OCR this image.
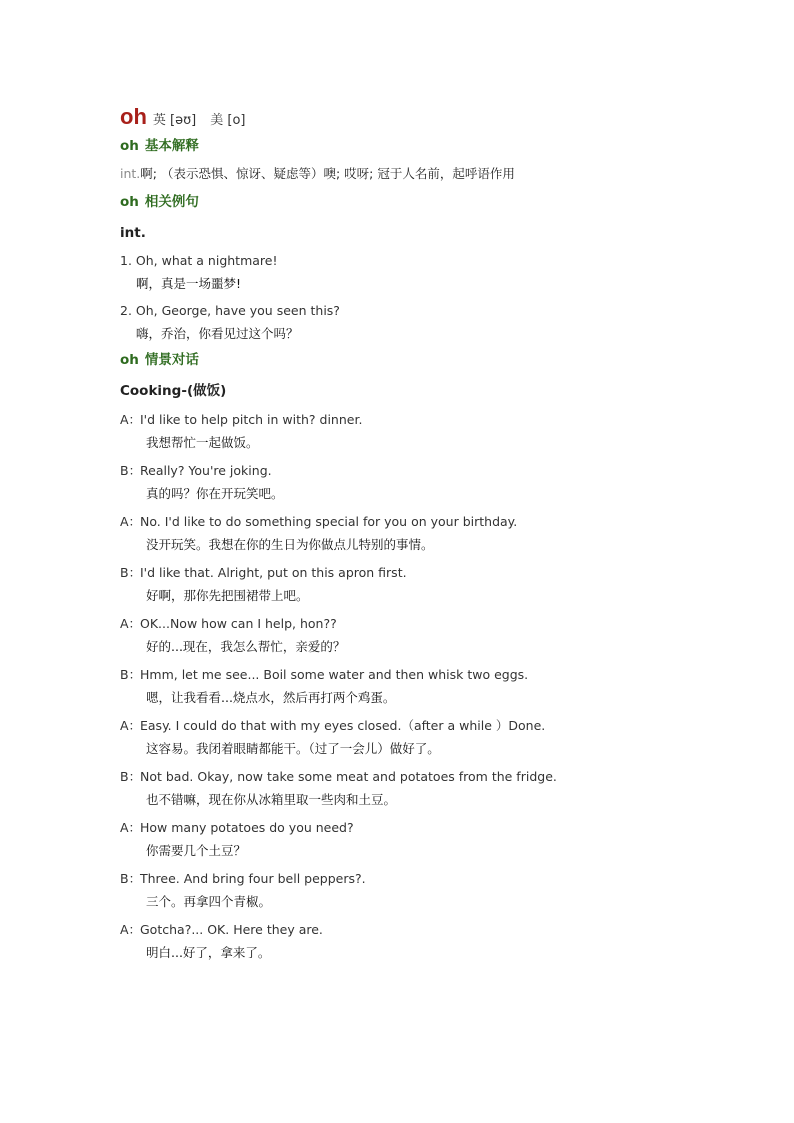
oh 英 [əʊ] 美 [o]
oh 基本解释
int.啊; （表示恐惧、惊讶、疑虑等）噢; 哎呀; 冠于人名前，起呼语作用
oh 相关例句
int.
1. Oh, what a nightmare!
啊，真是一场噩梦!
2. Oh, George, have you seen this?
嗨，乔治，你看见过这个吗？
oh 情景对话
Cooking-(做饭)
A：I'd like to help pitch in with? dinner.
我想帮忙一起做饭。
B：Really? You're joking.
真的吗？你在开玩笑吧。
A：No. I'd like to do something special for you on your birthday.
没开玩笑。我想在你的生日为你做点儿特别的事情。
B：I'd like that. Alright, put on this apron first.
好啊，那你先把围裙带上吧。
A：OK...Now how can I help, hon??
好的...现在，我怎么帮忙，亲爱的？
B：Hmm, let me see... Boil some water and then whisk two eggs.
嗯，让我看看...烧点水，然后再打两个鸡蛋。
A：Easy. I could do that with my eyes closed.（after a while ）Done.
这容易。我闭着眼睛都能干。（过了一会儿）做好了。
B：Not bad. Okay, now take some meat and potatoes from the fridge.
也不错嘛，现在你从冰箱里取一些肉和土豆。
A：How many potatoes do you need?
你需要几个土豆？
B：Three. And bring four bell peppers?.
三个。再拿四个青椒。
A：Gotcha?... OK. Here they are.
明白...好了，拿来了。
